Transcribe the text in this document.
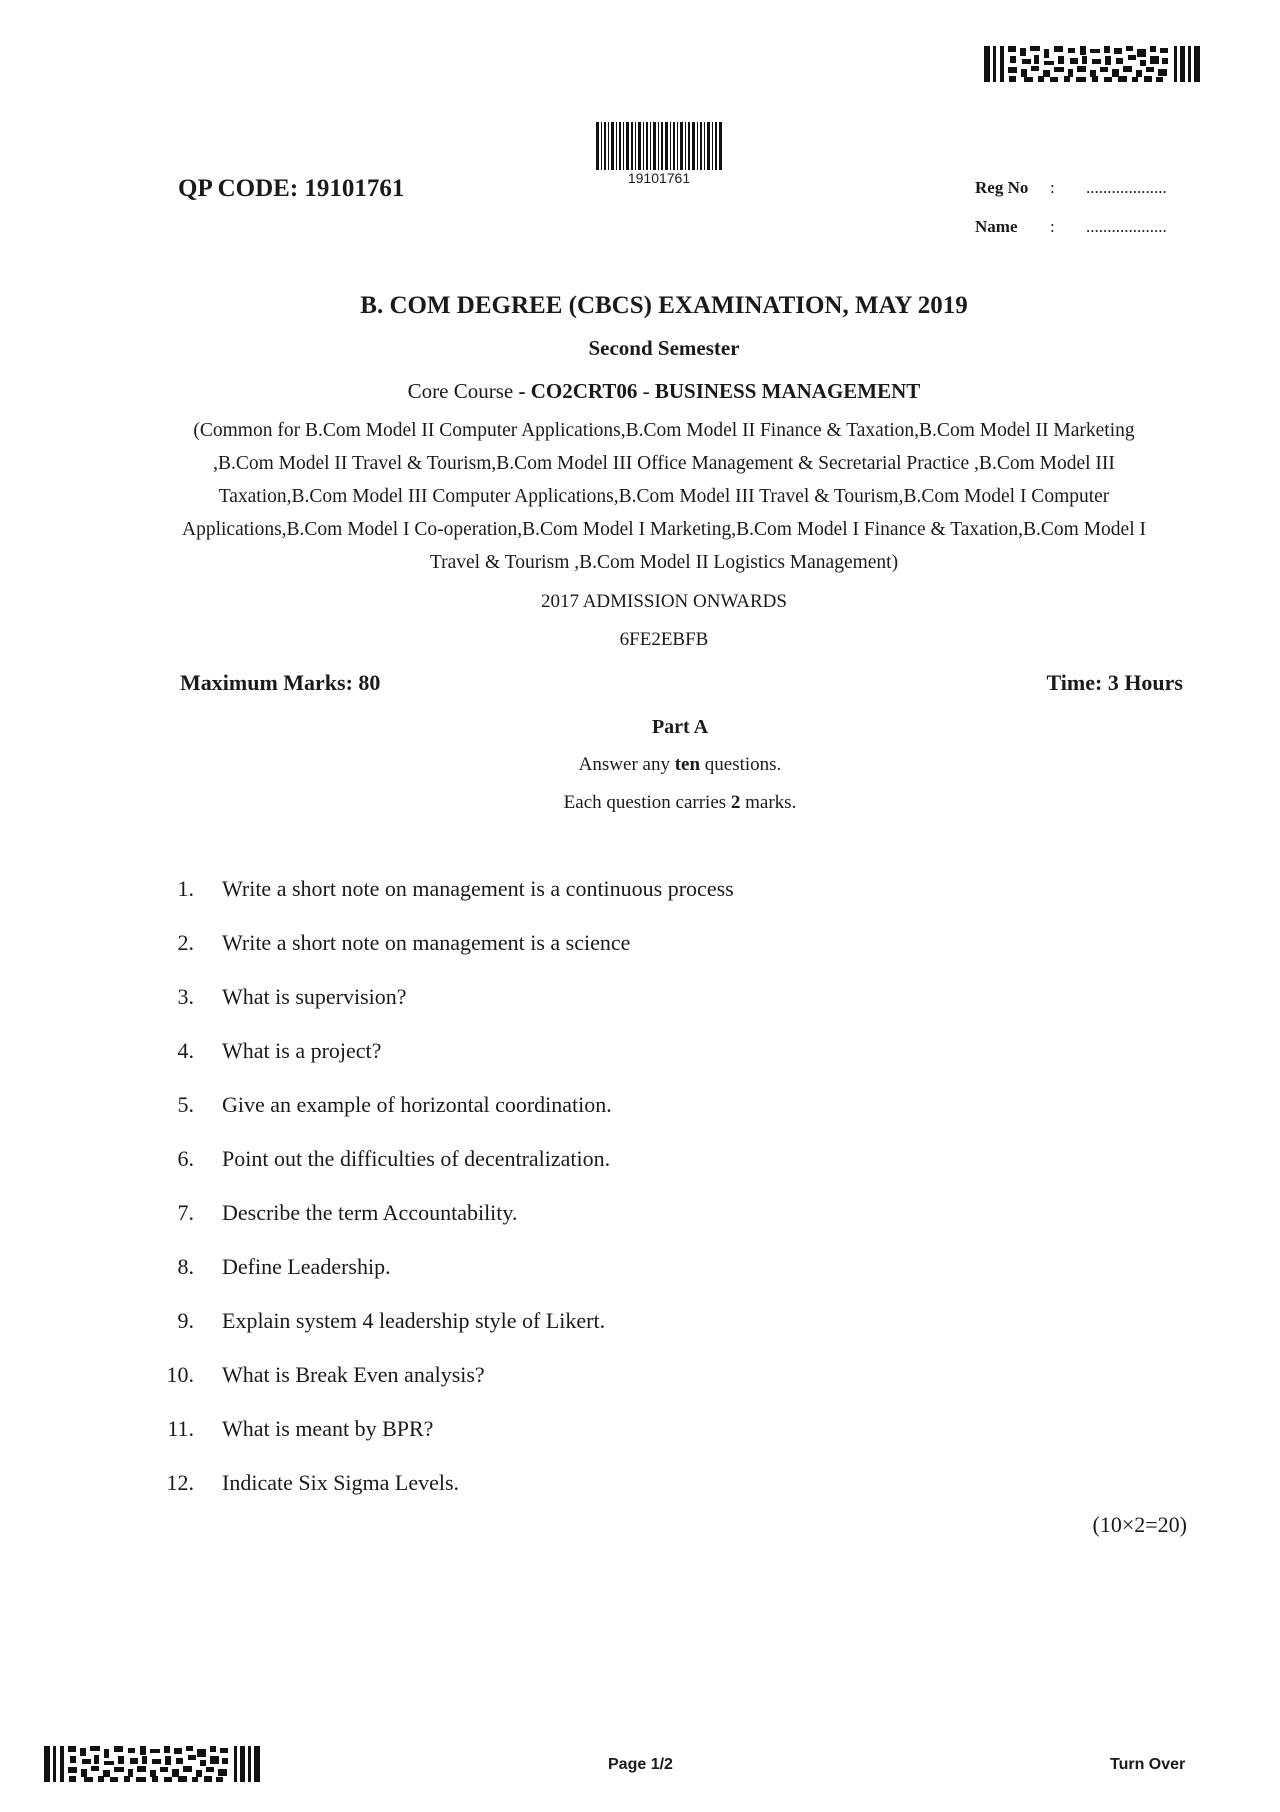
19101761
QP CODE: 19101761	Reg No : ...................
Name : ...................
B. COM DEGREE (CBCS) EXAMINATION, MAY 2019
Second Semester
Core Course - CO2CRT06 - BUSINESS MANAGEMENT
(Common for B.Com Model II Computer Applications,B.Com Model II Finance & Taxation,B.Com Model II Marketing
,B.Com Model II Travel & Tourism,B.Com Model III Office Management & Secretarial Practice ,B.Com Model III
Taxation,B.Com Model III Computer Applications,B.Com Model III Travel & Tourism,B.Com Model I Computer
Applications,B.Com Model I Co-operation,B.Com Model I Marketing,B.Com Model I Finance & Taxation,B.Com Model I
Travel & Tourism ,B.Com Model II Logistics Management)
2017 ADMISSION ONWARDS
6FE2EBFB
Maximum Marks: 80	Time: 3 Hours
Part A
Answer any ten questions.
Each question carries 2 marks.
1. Write a short note on management is a continuous process
2. Write a short note on management is a science
3. What is supervision?
4. What is a project?
5. Give an example of horizontal coordination.
6. Point out the difficulties of decentralization.
7. Describe the term Accountability.
8. Define Leadership.
9. Explain system 4 leadership style of Likert.
10. What is Break Even analysis?
11. What is meant by BPR?
12. Indicate Six Sigma Levels.
(10×2=20)
Page 1/2	Turn Over
